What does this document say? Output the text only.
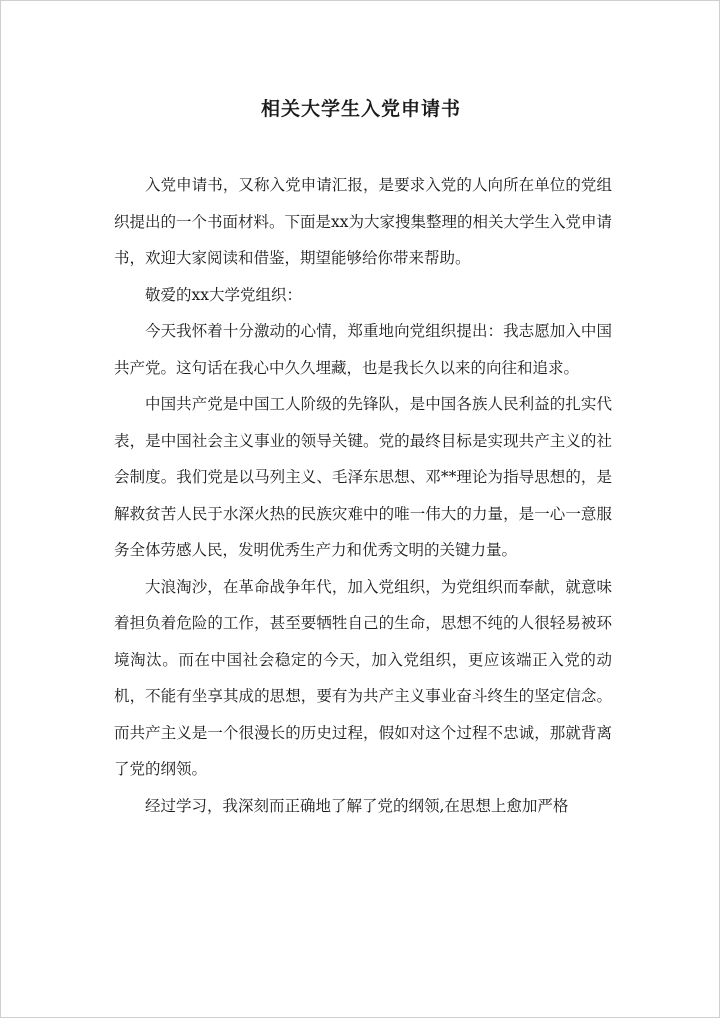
相关大学生入党申请书

入党申请书，又称入党申请汇报，是要求入党的人向所在单位的党组织提出的一个书面材料。下面是xx为大家搜集整理的相关大学生入党申请书，欢迎大家阅读和借鉴，期望能够给你带来帮助。

敬爱的xx大学党组织：

今天我怀着十分激动的心情，郑重地向党组织提出：我志愿加入中国共产党。这句话在我心中久久埋藏，也是我长久以来的向往和追求。

中国共产党是中国工人阶级的先锋队，是中国各族人民利益的扎实代表，是中国社会主义事业的领导关键。党的最终目标是实现共产主义的社会制度。我们党是以马列主义、毛泽东思想、邓**理论为指导思想的，是解救贫苦人民于水深火热的民族灾难中的唯一伟大的力量，是一心一意服务全体劳感人民，发明优秀生产力和优秀文明的关键力量。

大浪淘沙，在革命战争年代，加入党组织，为党组织而奉献，就意味着担负着危险的工作，甚至要牺牲自己的生命，思想不纯的人很轻易被环境淘汰。而在中国社会稳定的今天，加入党组织，更应该端正入党的动机，不能有坐享其成的思想，要有为共产主义事业奋斗终生的坚定信念。而共产主义是一个很漫长的历史过程，假如对这个过程不忠诚，那就背离了党的纲领。

经过学习，我深刻而正确地了解了党的纲领,在思想上愈加严格
